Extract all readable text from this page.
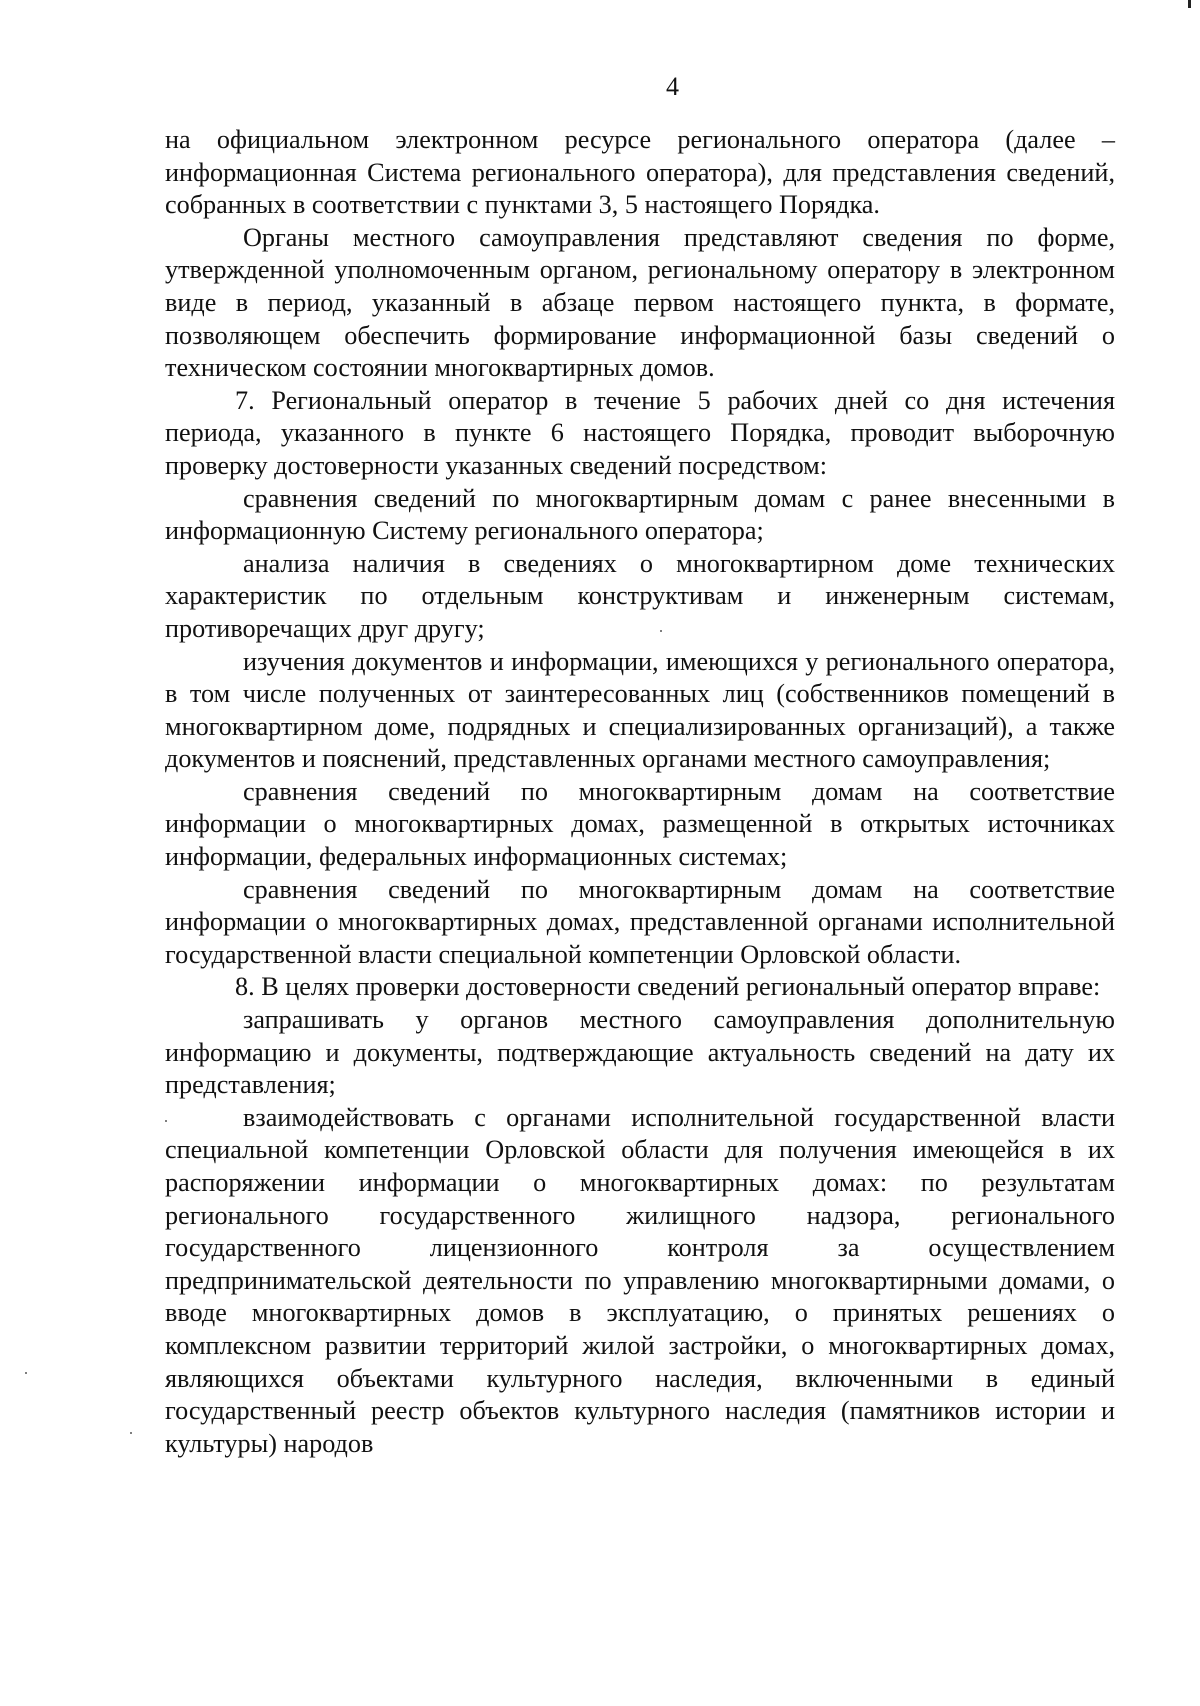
4

на официальном электронном ресурсе регионального оператора (далее – информационная Система регионального оператора), для представления сведений, собранных в соответствии с пунктами 3, 5 настоящего Порядка.

Органы местного самоуправления представляют сведения по форме, утвержденной уполномоченным органом, региональному оператору в электронном виде в период, указанный в абзаце первом настоящего пункта, в формате, позволяющем обеспечить формирование информационной базы сведений о техническом состоянии многоквартирных домов.

7. Региональный оператор в течение 5 рабочих дней со дня истечения периода, указанного в пункте 6 настоящего Порядка, проводит выборочную проверку достоверности указанных сведений посредством:

сравнения сведений по многоквартирным домам с ранее внесенными в информационную Систему регионального оператора;

анализа наличия в сведениях о многоквартирном доме технических характеристик по отдельным конструктивам и инженерным системам, противоречащих друг другу;

изучения документов и информации, имеющихся у регионального оператора, в том числе полученных от заинтересованных лиц (собственников помещений в многоквартирном доме, подрядных и специализированных организаций), а также документов и пояснений, представленных органами местного самоуправления;

сравнения сведений по многоквартирным домам на соответствие информации о многоквартирных домах, размещенной в открытых источниках информации, федеральных информационных системах;

сравнения сведений по многоквартирным домам на соответствие информации о многоквартирных домах, представленной органами исполнительной государственной власти специальной компетенции Орловской области.

8. В целях проверки достоверности сведений региональный оператор вправе:

запрашивать у органов местного самоуправления дополнительную информацию и документы, подтверждающие актуальность сведений на дату их представления;

взаимодействовать с органами исполнительной государственной власти специальной компетенции Орловской области для получения имеющейся в их распоряжении информации о многоквартирных домах: по результатам регионального государственного жилищного надзора, регионального государственного лицензионного контроля за осуществлением предпринимательской деятельности по управлению многоквартирными домами, о вводе многоквартирных домов в эксплуатацию, о принятых решениях о комплексном развитии территорий жилой застройки, о многоквартирных домах, являющихся объектами культурного наследия, включенными в единый государственный реестр объектов культурного наследия (памятников истории и культуры) народов
